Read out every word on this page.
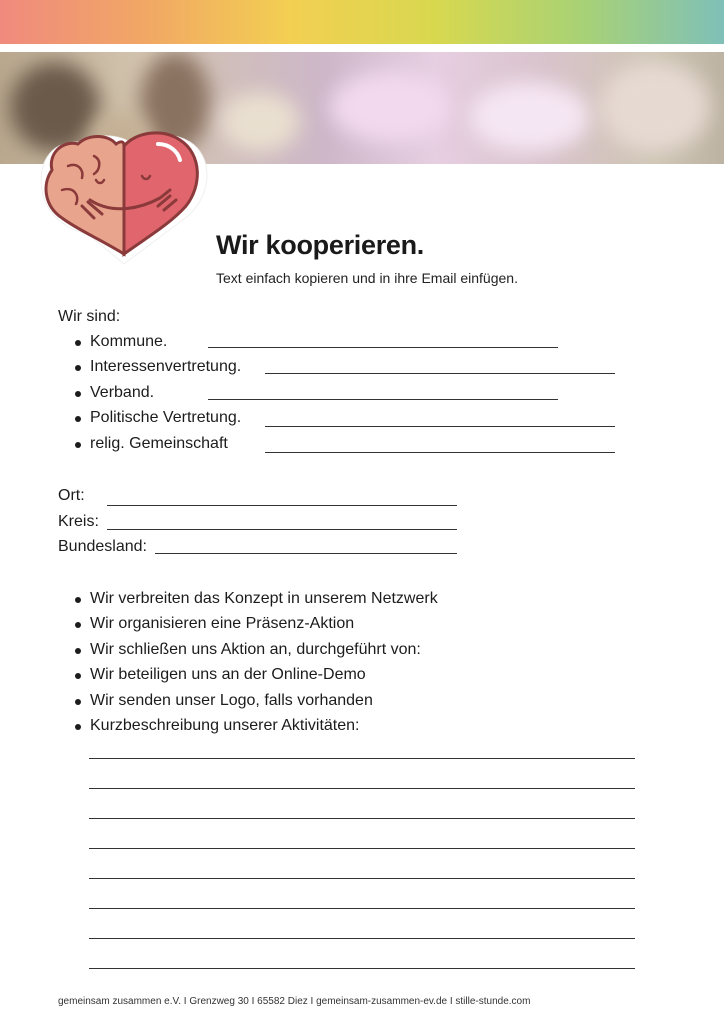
Wir kooperieren.
Text einfach kopieren und in ihre Email einfügen.
Wir sind:
Kommune.
Interessenvertretung.
Verband.
Politische Vertretung.
relig. Gemeinschaft
Ort:
Kreis:
Bundesland:
Wir verbreiten das Konzept in unserem Netzwerk
Wir organisieren eine Präsenz-Aktion
Wir schließen uns Aktion an, durchgeführt von:
Wir beteiligen uns an der Online-Demo
Wir senden unser Logo, falls vorhanden
Kurzbeschreibung unserer Aktivitäten:
gemeinsam zusammen e.V. I Grenzweg 30 I 65582 Diez I gemeinsam-zusammen-ev.de I stille-stunde.com
